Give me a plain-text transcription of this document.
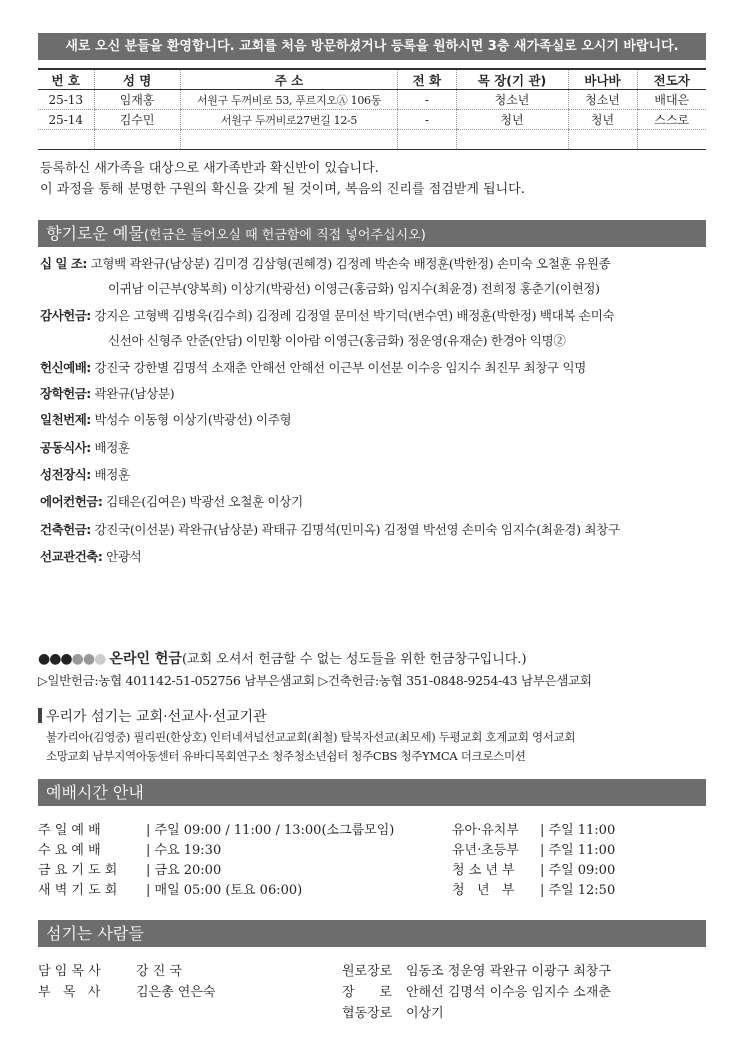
새로 오신 분들을 환영합니다. 교회를 처음 방문하셨거나 등록을 원하시면 3층 새가족실로 오시기 바랍니다.
번 호	성 명	주 소	전 화	목 장(기 관)	바나바	전도자
25-13	임재홍	서원구 두꺼비로 53, 푸르지오Ⓐ 106동	-	청소년	청소년	배대은
25-14	김수민	서원구 두꺼비로27번길 12-5	-	청년	청년	스스로

등록하신 새가족을 대상으로 새가족반과 확신반이 있습니다.
이 과정을 통해 분명한 구원의 확신을 갖게 될 것이며, 복음의 진리를 점검받게 됩니다.
향기로운 예물(헌금은 들어오실 때 헌금함에 직접 넣어주십시오)
십 일 조: 고형백 곽완규(남상분) 김미경 김삼형(권혜경) 김정례 박손숙 배정훈(박한정) 손미숙 오철훈 유원종
이귀남 이근부(양복희) 이상기(박광선) 이영근(홍금화) 임지수(최윤경) 전희정 홍춘기(이현정)
감사헌금: 강지은 고형백 김병욱(김수희) 김정례 김정열 문미선 박기덕(변수연) 배정훈(박한정) 백대복 손미숙
신선아 신형주 안준(안담) 이민황 이아람 이영근(홍금화) 정운영(유재순) 한경아 익명②
헌신예배: 강진국 강한별 김명석 소재춘 안해선 안해선 이근부 이선분 이수응 임지수 최진무 최창구 익명
장학헌금: 곽완규(남상분)
일천번제: 박성수 이동형 이상기(박광선) 이주형
공동식사: 배정훈
성전장식: 배정훈
에어컨헌금: 김태은(김여은) 박광선 오철훈 이상기
건축헌금: 강진국(이선분) 곽완규(남상분) 곽태규 김명석(민미옥) 김정열 박선영 손미숙 임지수(최윤경) 최창구
선교관건축: 안광석
●●●●●● 온라인 헌금(교회 오셔서 헌금할 수 없는 성도들을 위한 헌금창구입니다.)
▷일반헌금:농협 401142-51-052756 남부은샘교회 ▷건축헌금:농협 351-0848-9254-43 남부은샘교회
우리가 섬기는 교회·선교사·선교기관
불가리아(김영중) 필리핀(한상호) 인터네셔널선교교회(최철) 탈북자선교(최모세) 두평교회 호계교회 영서교회
소망교회 남부지역아동센터 유바디목회연구소 청주청소년쉼터 청주CBS 청주YMCA 더크로스미션
예배시간 안내
주 일 예 배	| 주일 09:00 / 11:00 / 13:00(소그룹모임)
수 요 예 배	| 수요 19:30
금 요 기 도 회 | 금요 20:00
새 벽 기 도 회 | 매일 05:00 (토요 06:00)
유아·유치부 | 주일 11:00
유년·초등부 | 주일 11:00
청 소 년 부 | 주일 09:00
청   년   부 | 주일 12:50
섬기는 사람들
담 임 목 사	강 진 국
부   목   사	김은총 연은숙
원로장로 임동조 정운영 곽완규 이광구 최창구
장      로 안해선 김명석 이수응 임지수 소재춘
협동장로 이상기
